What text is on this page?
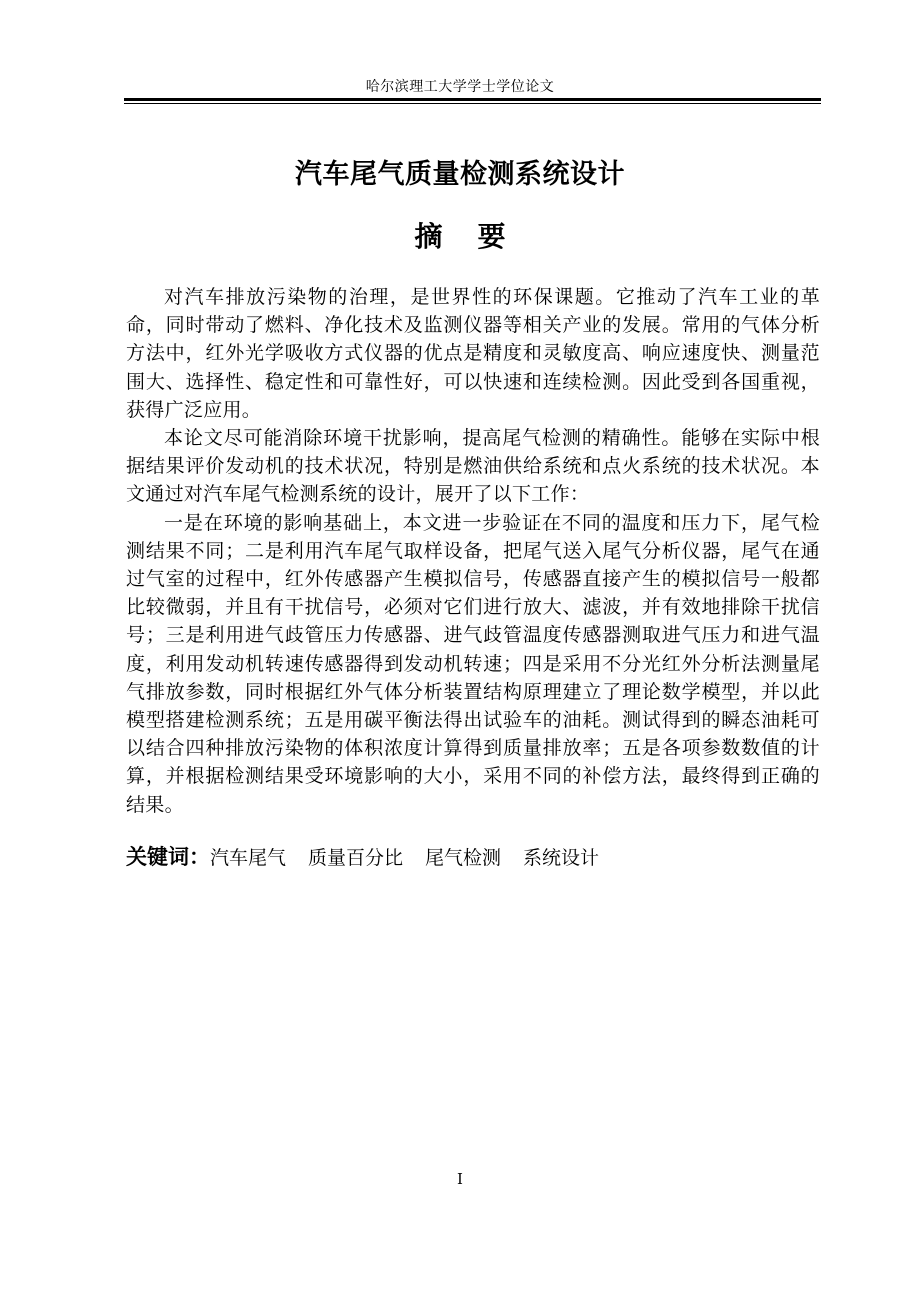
哈尔滨理工大学学士学位论文
汽车尾气质量检测系统设计
摘 要

对汽车排放污染物的治理，是世界性的环保课题。它推动了汽车工业的革命，同时带动了燃料、净化技术及监测仪器等相关产业的发展。常用的气体分析方法中，红外光学吸收方式仪器的优点是精度和灵敏度高、响应速度快、测量范围大、选择性、稳定性和可靠性好，可以快速和连续检测。因此受到各国重视，获得广泛应用。

本论文尽可能消除环境干扰影响，提高尾气检测的精确性。能够在实际中根据结果评价发动机的技术状况，特别是燃油供给系统和点火系统的技术状况。本文通过对汽车尾气检测系统的设计，展开了以下工作：

一是在环境的影响基础上，本文进一步验证在不同的温度和压力下，尾气检测结果不同；二是利用汽车尾气取样设备，把尾气送入尾气分析仪器，尾气在通过气室的过程中，红外传感器产生模拟信号，传感器直接产生的模拟信号一般都比较微弱，并且有干扰信号，必须对它们进行放大、滤波，并有效地排除干扰信号；三是利用进气歧管压力传感器、进气歧管温度传感器测取进气压力和进气温度，利用发动机转速传感器得到发动机转速；四是采用不分光红外分析法测量尾气排放参数，同时根据红外气体分析装置结构原理建立了理论数学模型，并以此模型搭建检测系统；五是用碳平衡法得出试验车的油耗。测试得到的瞬态油耗可以结合四种排放污染物的体积浓度计算得到质量排放率；五是各项参数数值的计算，并根据检测结果受环境影响的大小，采用不同的补偿方法，最终得到正确的结果。

关键词：汽车尾气 质量百分比 尾气检测 系统设计
I
